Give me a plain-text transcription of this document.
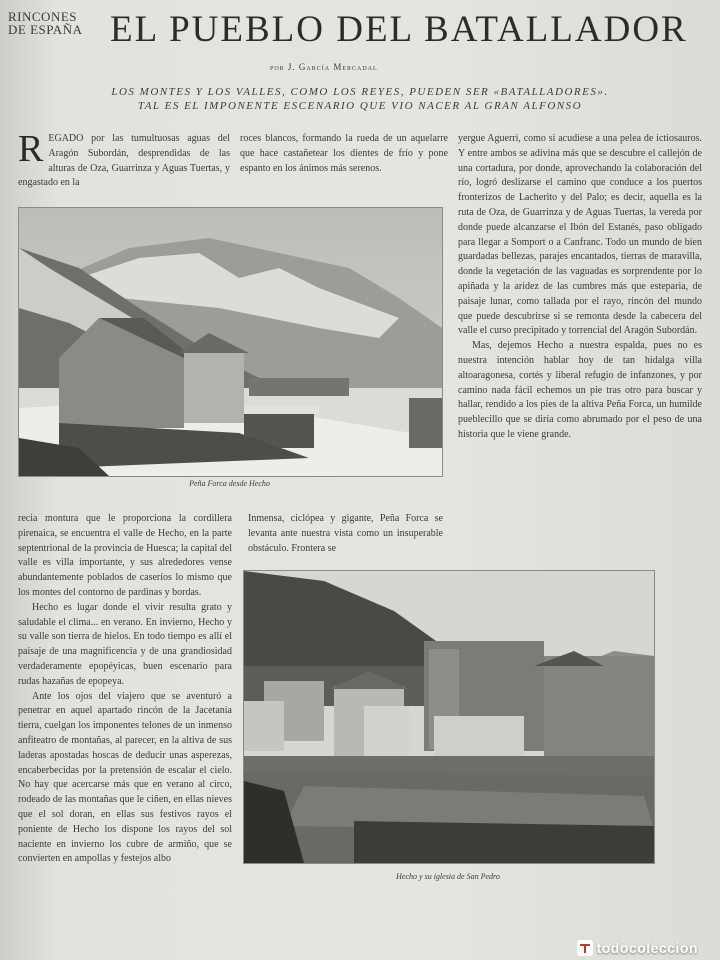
RINCONES
DE ESPAÑA EL PUEBLO DEL BATALLADOR
por J. García Mercadal
LOS MONTES Y LOS VALLES, COMO LOS REYES, PUEDEN SER «BATALLADORES».
TAL ES EL IMPONENTE ESCENARIO QUE VIO NACER AL GRAN ALFONSO

R EGADO por las tumultuosas aguas del Aragón Subordán, desprendidas de las alturas de Oza, Guarrinza y Aguas Tuertas, y engastado en la

roces blancos, formando la rueda de un aquelarre que hace castañetear los dientes de frío y pone espanto en los ánimos más serenos.

yergue Aguerri, como si acudiese a una pelea de ictiosauros. Y entre ambos se adivina más que se descubre el callejón de una cortadura, por donde, aprovechando la colaboración del río, logró deslizarse el camino que conduce a los puertos fronterizos de Lacherito y del Palo; es decir, aquella es la ruta de Oza, de Guarrinza y de Aguas Tuertas, la vereda por donde puede alcanzarse el Ibón del Estanés, paso obligado para llegar a Somport o a Canfranc. Todo un mundo de bien guardadas bellezas, parajes encantados, tierras de maravilla, donde la vegetación de las vaguadas es sorprendente por lo apiñada y la aridez de las cumbres más que esteparia, de paisaje lunar, como tallada por el rayo, rincón del mundo que puede descubrirse si se remonta desde la cabecera del valle el curso precipitado y torrencial del Aragón Subordán.

Mas, dejemos Hecho a nuestra espalda, pues no es nuestra intención hablar hoy de tan hidalga villa altoaragonesa, cortés y liberal refugio de infanzones, y por camino nada fácil echemos un pie tras otro para buscar y hallar, rendido a los pies de la altiva Peña Forca, un humilde pueblecillo que se diría como abrumado por el peso de una historia que le viene grande.

Peña Forca desde Hecho

recia montura que le proporciona la cordillera pirenaica, se encuentra el valle de Hecho, en la parte septentrional de la provincia de Huesca; la capital del valle es villa importante, y sus alrededores vense abundantemente poblados de caseríos lo mismo que los montes del contorno de pardinas y bordas.

Hecho es lugar donde el vivir resulta grato y saludable el clima... en verano. En invierno, Hecho y su valle son tierra de hielos. En todo tiempo es allí el paisaje de una magnificencia y de una grandiosidad verdaderamente epopéyicas, buen escenario para rudas hazañas de epopeya.

Ante los ojos del viajero que se aventuró a penetrar en aquel apartado rincón de la Jacetania tierra, cuelgan los imponentes telones de un inmenso anfiteatro de montañas, al parecer, en la altiva de sus laderas apostadas hoscas de deducir unas asperezas, encaberbecidas por la pretensión de escalar el cielo. No hay que acercarse más que en verano al circo, rodeado de las montañas que le ciñen, en ellas nieves que el sol doran, en ellas sus festivos rayos el poniente de Hecho los dispone los rayos del sol naciente en invierno los cubre de armiño, que se convierten en ampollas y festejos albo

Inmensa, ciclópea y gigante, Peña Forca se levanta ante nuestra vista como un insuperable obstáculo. Frontera se

Hecho y su iglesia de San Pedro
todocoleccion
